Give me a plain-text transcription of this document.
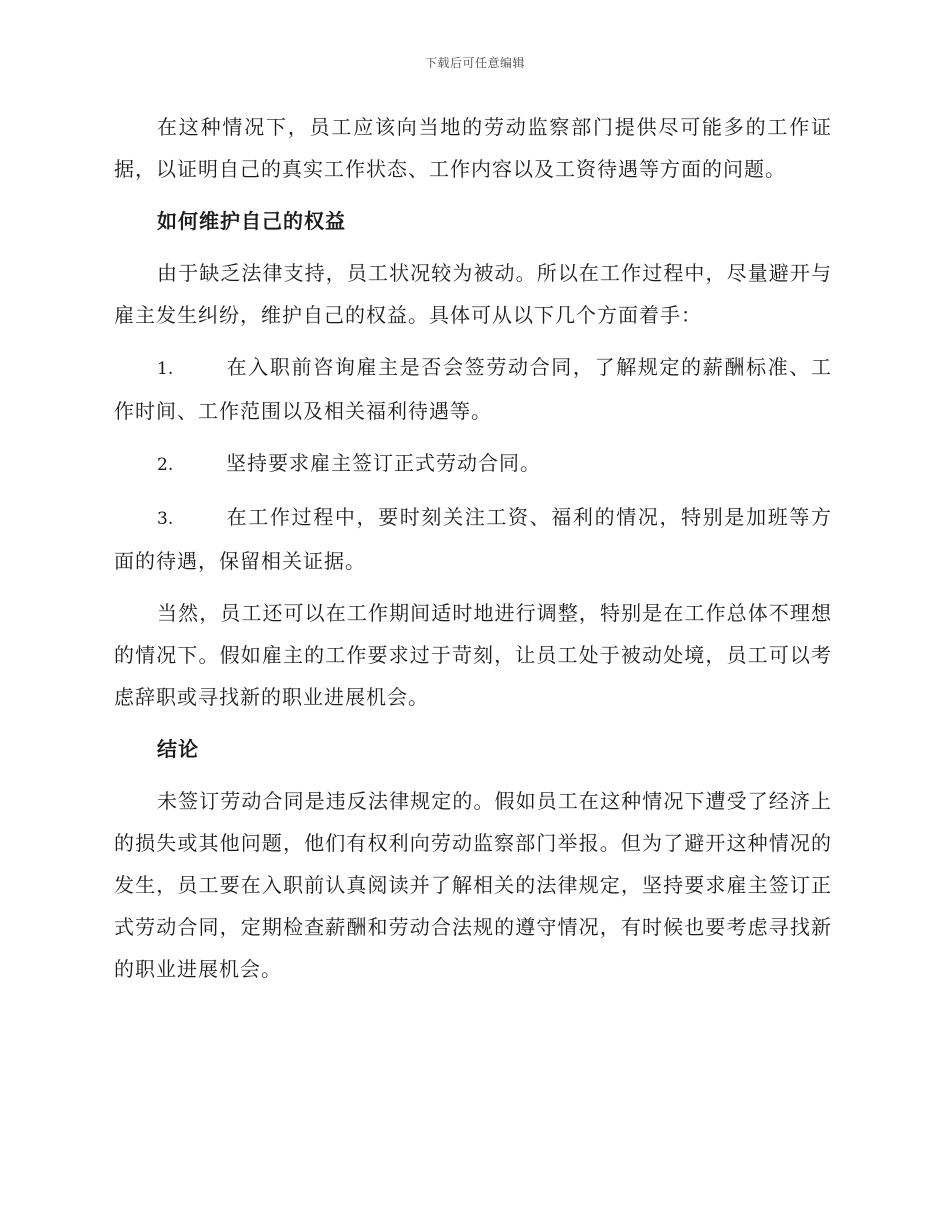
下载后可任意编辑

在这种情况下，员工应该向当地的劳动监察部门提供尽可能多的工作证据，以证明自己的真实工作状态、工作内容以及工资待遇等方面的问题。

如何维护自己的权益

由于缺乏法律支持，员工状况较为被动。所以在工作过程中，尽量避开与雇主发生纠纷，维护自己的权益。具体可从以下几个方面着手：

1.	在入职前咨询雇主是否会签劳动合同，了解规定的薪酬标准、工作时间、工作范围以及相关福利待遇等。

2.	坚持要求雇主签订正式劳动合同。

3.	在工作过程中，要时刻关注工资、福利的情况，特别是加班等方面的待遇，保留相关证据。

当然，员工还可以在工作期间适时地进行调整，特别是在工作总体不理想的情况下。假如雇主的工作要求过于苛刻，让员工处于被动处境，员工可以考虑辞职或寻找新的职业进展机会。

结论

未签订劳动合同是违反法律规定的。假如员工在这种情况下遭受了经济上的损失或其他问题，他们有权利向劳动监察部门举报。但为了避开这种情况的发生，员工要在入职前认真阅读并了解相关的法律规定，坚持要求雇主签订正式劳动合同，定期检查薪酬和劳动合法规的遵守情况，有时候也要考虑寻找新的职业进展机会。
